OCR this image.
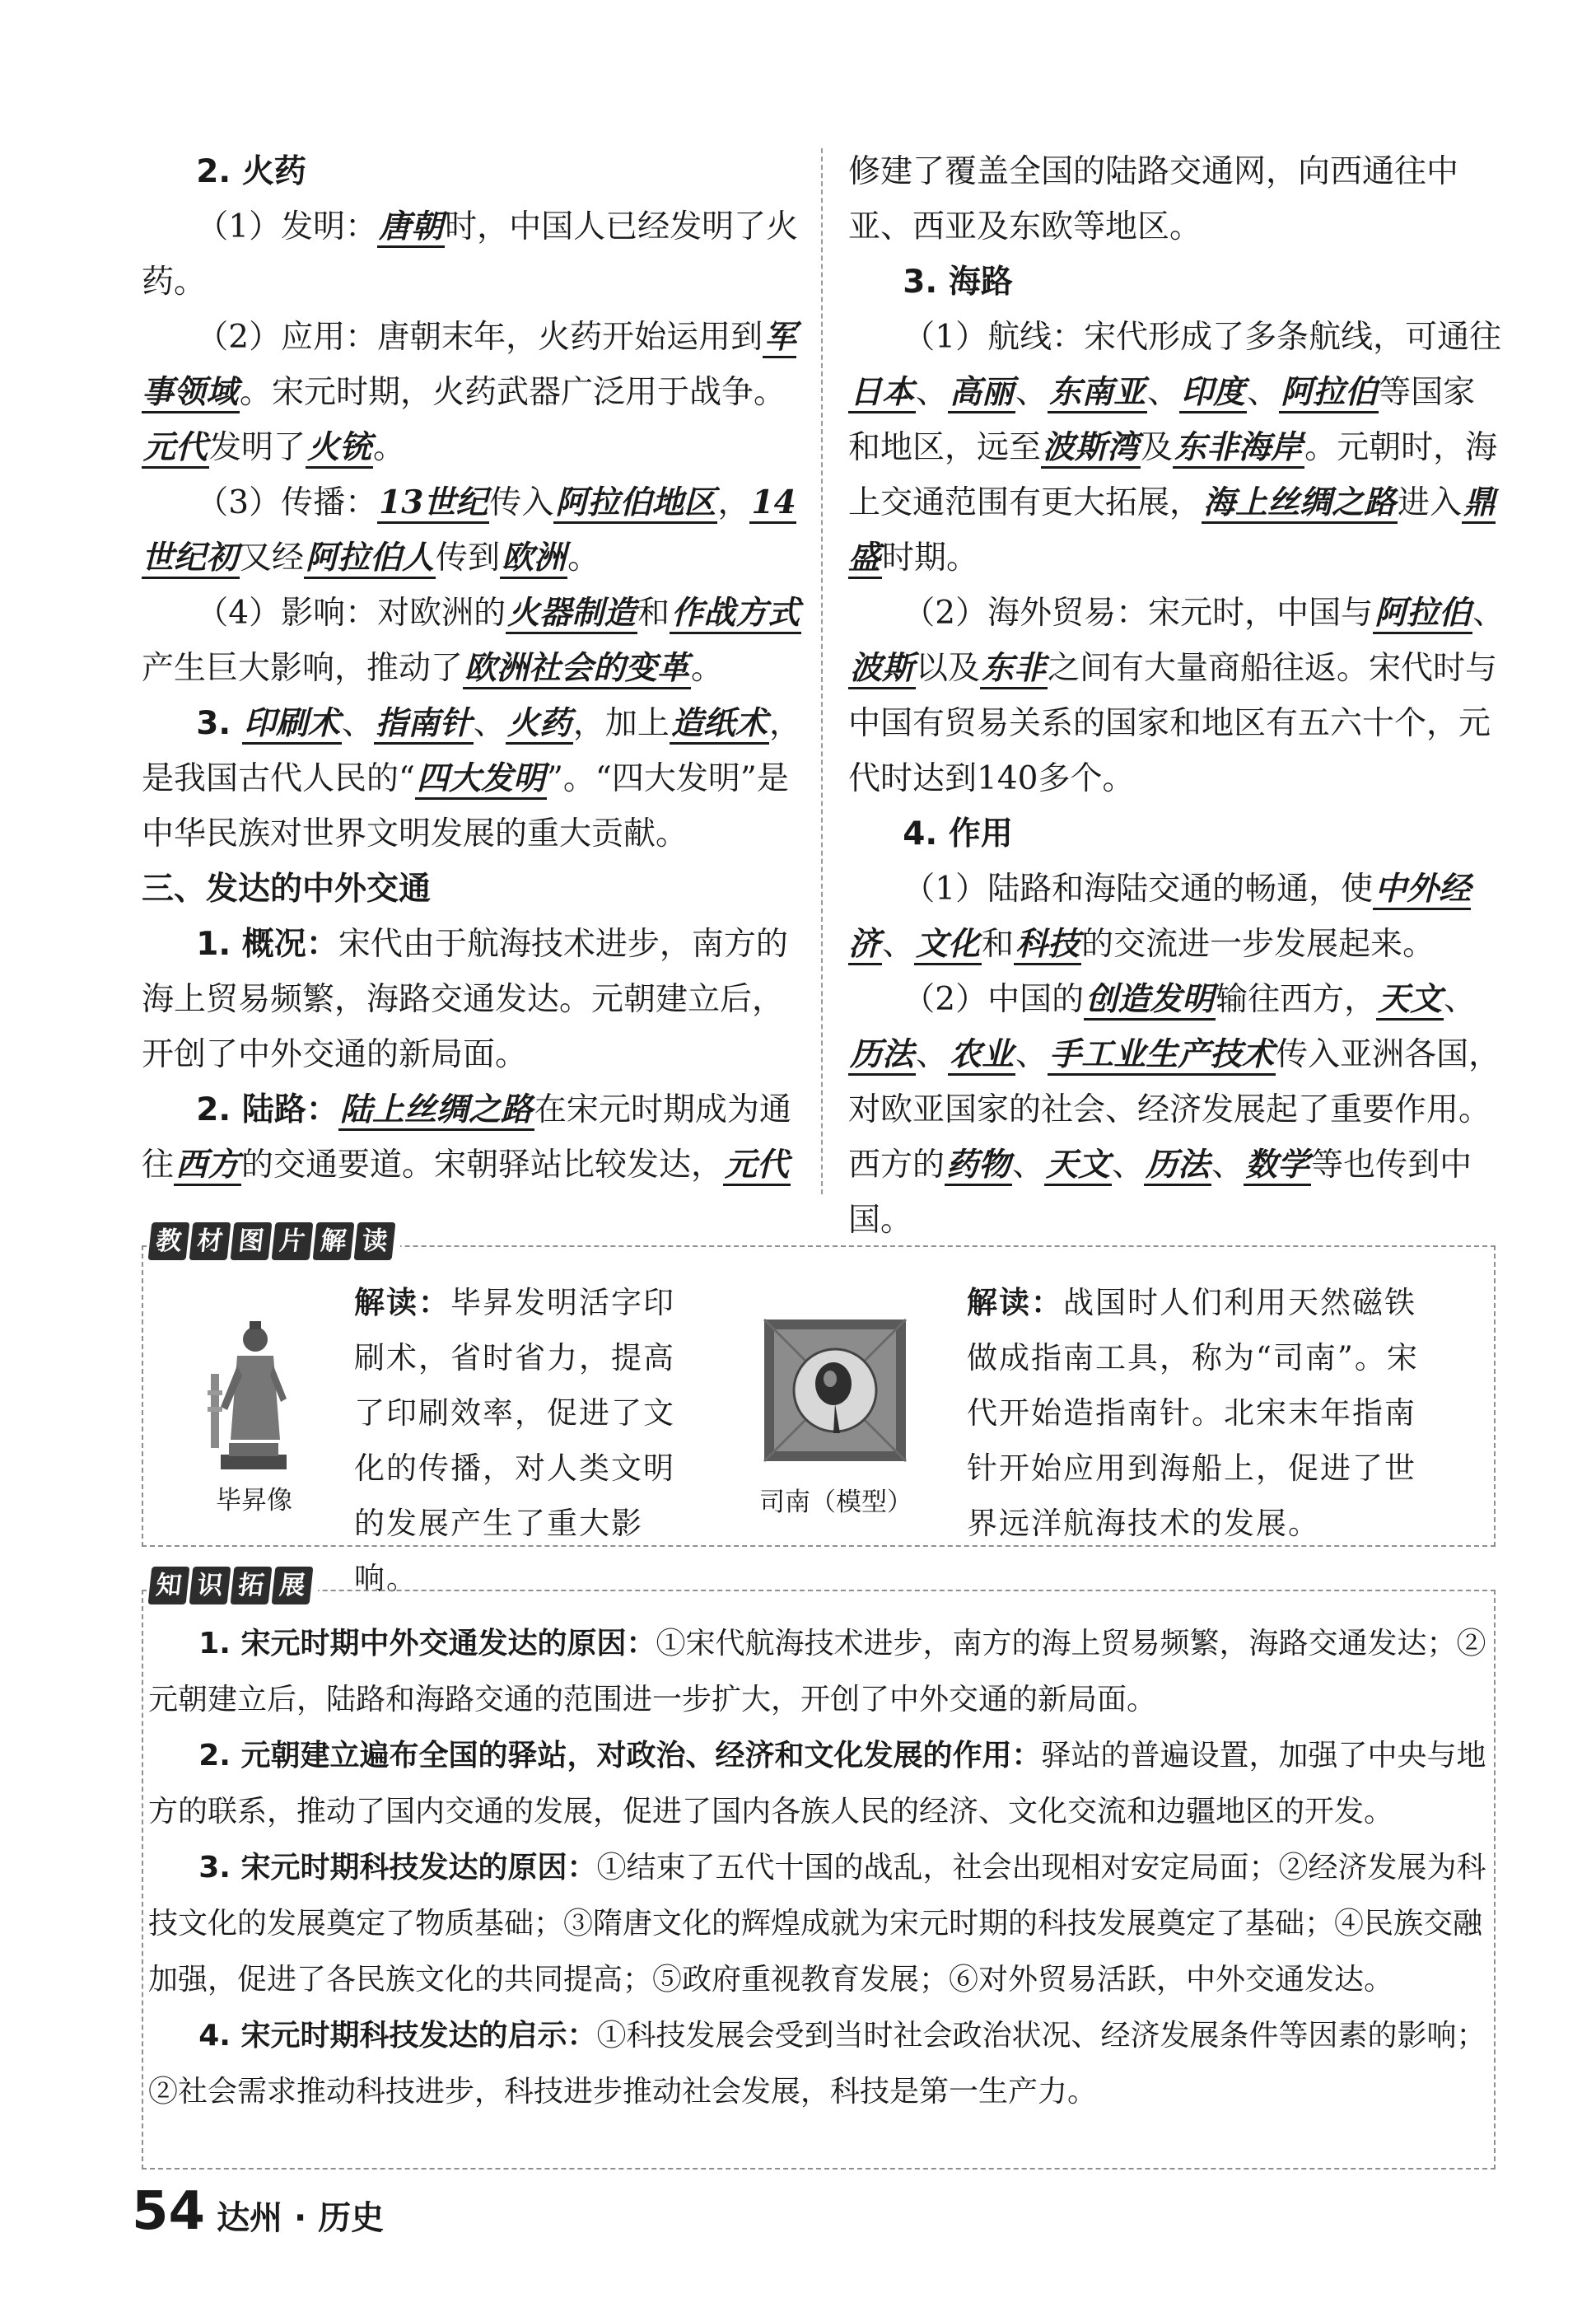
2. 火药

（1）发明：唐朝时，中国人已经发明了火药。

（2）应用：唐朝末年，火药开始运用到军事领域。宋元时期，火药武器广泛用于战争。元代发明了火铳。

（3）传播：13世纪传入阿拉伯地区，14世纪初又经阿拉伯人传到欧洲。

（4）影响：对欧洲的火器制造和作战方式产生巨大影响，推动了欧洲社会的变革。

3. 印刷术、指南针、火药，加上造纸术，是我国古代人民的“四大发明”。“四大发明”是中华民族对世界文明发展的重大贡献。

三、发达的中外交通

1. 概况：宋代由于航海技术进步，南方的海上贸易频繁，海路交通发达。元朝建立后，开创了中外交通的新局面。

2. 陆路：陆上丝绸之路在宋元时期成为通往西方的交通要道。宋朝驿站比较发达，元代

修建了覆盖全国的陆路交通网，向西通往中亚、西亚及东欧等地区。

3. 海路

（1）航线：宋代形成了多条航线，可通往日本、高丽、东南亚、印度、阿拉伯等国家和地区，远至波斯湾及东非海岸。元朝时，海上交通范围有更大拓展，海上丝绸之路进入鼎盛时期。

（2）海外贸易：宋元时，中国与阿拉伯、波斯以及东非之间有大量商船往返。宋代时与中国有贸易关系的国家和地区有五六十个，元代时达到140多个。

4. 作用

（1）陆路和海陆交通的畅通，使中外经济、文化和科技的交流进一步发展起来。

（2）中国的创造发明输往西方，天文、历法、农业、手工业生产技术传入亚洲各国，对欧亚国家的社会、经济发展起了重要作用。西方的药物、天文、历法、数学等也传到中国。

教 材 图 片 解 读
毕昇像
解读：毕昇发明活字印刷术，省时省力，提高了印刷效率，促进了文化的传播，对人类文明的发展产生了重大影响。
司南（模型）
解读：战国时人们利用天然磁铁做成指南工具，称为“司南”。宋代开始造指南针。北宋末年指南针开始应用到海船上，促进了世界远洋航海技术的发展。
知 识 拓 展

1. 宋元时期中外交通发达的原因：①宋代航海技术进步，南方的海上贸易频繁，海路交通发达；②元朝建立后，陆路和海路交通的范围进一步扩大，开创了中外交通的新局面。

2. 元朝建立遍布全国的驿站，对政治、经济和文化发展的作用：驿站的普遍设置，加强了中央与地方的联系，推动了国内交通的发展，促进了国内各族人民的经济、文化交流和边疆地区的开发。

3. 宋元时期科技发达的原因：①结束了五代十国的战乱，社会出现相对安定局面；②经济发展为科技文化的发展奠定了物质基础；③隋唐文化的辉煌成就为宋元时期的科技发展奠定了基础；④民族交融加强，促进了各民族文化的共同提高；⑤政府重视教育发展；⑥对外贸易活跃，中外交通发达。

4. 宋元时期科技发达的启示：①科技发展会受到当时社会政治状况、经济发展条件等因素的影响；②社会需求推动科技进步，科技进步推动社会发展，科技是第一生产力。

54 达州 · 历史
